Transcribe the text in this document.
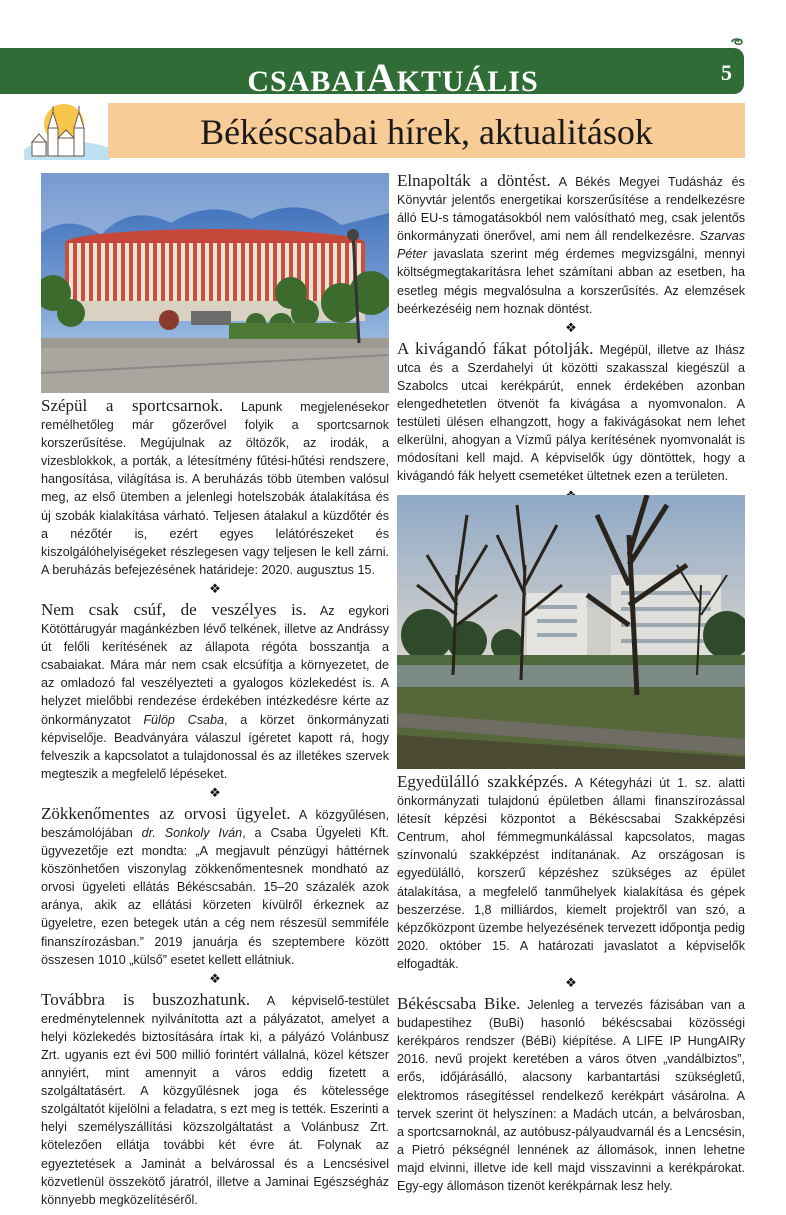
CSABAIAKTUÁLIS	5
Békéscsabai hírek, aktualitások

Szépül a sportcsarnok. Lapunk megjelenésekor remélhetőleg már gőzerővel folyik a sportcsarnok korszerűsítése. Megújulnak az öltözők, az irodák, a vizesblokkok, a porták, a létesítmény fűtési-hűtési rendszere, hangosítása, világítása is. A beruházás több ütemben valósul meg, az első ütemben a jelenlegi hotelszobák átalakítása és új szobák kialakítása várható. Teljesen átalakul a küzdőtér és a nézőtér is, ezért egyes lelátórészeket és kiszolgálóhelyiségeket részlegesen vagy teljesen le kell zárni. A beruházás befejezésének határideje: 2020. augusztus 15.

❖

Nem csak csúf, de veszélyes is. Az egykori Kötöttárugyár magánkézben lévő telkének, illetve az Andrássy út felőli kerítésének az állapota régóta bosszantja a csabaiakat. Mára már nem csak elcsúfítja a környezetet, de az omladozó fal veszélyezteti a gyalogos közlekedést is. A helyzet mielőbbi rendezése érdekében intézkedésre kérte az önkormányzatot Fülöp Csaba, a körzet önkormányzati képviselője. Beadványára válaszul ígéretet kapott rá, hogy felveszik a kapcsolatot a tulajdonossal és az illetékes szervek megteszik a megfelelő lépéseket.

❖

Zökkenőmentes az orvosi ügyelet. A közgyűlésen, beszámolójában dr. Sonkoly Iván, a Csaba Ügyeleti Kft. ügyvezetője ezt mondta: „A megjavult pénzügyi háttérnek köszönhetően viszonylag zökkenőmentesnek mondható az orvosi ügyeleti ellátás Békéscsabán. 15–20 százalék azok aránya, akik az ellátási körzeten kívülről érkeznek az ügyeletre, ezen betegek után a cég nem részesül semmiféle finanszírozásban.” 2019 januárja és szeptembere között összesen 1010 „külső” esetet kellett ellátniuk.

❖

Továbbra is buszozhatunk. A képviselő-testület eredménytelennek nyilvánította azt a pályázatot, amelyet a helyi közlekedés biztosítására írtak ki, a pályázó Volánbusz Zrt. ugyanis ezt évi 500 millió forintért vállalná, közel kétszer annyiért, mint amennyit a város eddig fizetett a szolgáltatásért. A közgyűlésnek joga és kötelessége szolgáltatót kijelölni a feladatra, s ezt meg is tették. Eszerinti a helyi személyszállítási közszolgáltatást a Volánbusz Zrt. kötelezően ellátja további két évre át. Folynak az egyeztetések a Jaminát a belvárossal és a Lencsésivel közvetlenül összekötő járatról, illetve a Jaminai Egészségház könnyebb megközelítéséről.

Elnapolták a döntést. A Békés Megyei Tudásház és Könyvtár jelentős energetikai korszerűsítése a rendelkezésre álló EU-s támogatásokból nem valósítható meg, csak jelentős önkormányzati önerővel, ami nem áll rendelkezésre. Szarvas Péter javaslata szerint még érdemes megvizsgálni, mennyi költségmegtakarításra lehet számítani abban az esetben, ha esetleg mégis megvalósulna a korszerűsítés. Az elemzések beérkezéséig nem hoznak döntést.

❖

A kivágandó fákat pótolják. Megépül, illetve az Ihász utca és a Szerdahelyi út közötti szakasszal kiegészül a Szabolcs utcai kerékpárút, ennek érdekében azonban elengedhetetlen ötvenöt fa kivágása a nyomvonalon. A testületi ülésen elhangzott, hogy a fakivágásokat nem lehet elkerülni, ahogyan a Vízmű pálya kerítésének nyomvonalát is módosítani kell majd. A képviselők úgy döntöttek, hogy a kivágandó fák helyett csemetéket ültetnek ezen a területen.

Egyedülálló szakképzés. A Kétegyházi út 1. sz. alatti önkormányzati tulajdonú épületben állami finanszírozással létesít képzési központot a Békéscsabai Szakképzési Centrum, ahol fémmegmunkálással kapcsolatos, magas színvonalú szakképzést indítanának. Az országosan is egyedülálló, korszerű képzéshez szükséges az épület átalakítása, a megfelelő tanműhelyek kialakítása és gépek beszerzése. 1,8 milliárdos, kiemelt projektről van szó, a képzőközpont üzembe helyezésének tervezett időpontja pedig 2020. október 15. A határozati javaslatot a képviselők elfogadták.

❖

Békéscsaba Bike. Jelenleg a tervezés fázisában van a budapestihez (BuBi) hasonló békéscsabai közösségi kerékpáros rendszer (BéBi) kiépítése. A LIFE IP HungAIRy 2016. nevű projekt keretében a város ötven „vandálbiztos”, erős, időjárásálló, alacsony karbantartási szükségletű, elektromos rásegítéssel rendelkező kerékpárt vásárolna. A tervek szerint öt helyszínen: a Madách utcán, a belvárosban, a sportcsarnoknál, az autóbusz-pályaudvarnál és a Lencsésin, a Pietró pékségnél lennének az állomások, innen lehetne majd elvinni, illetve ide kell majd visszavinni a kerékpárokat. Egy-egy állomáson tizenöt kerékpárnak lesz hely.
